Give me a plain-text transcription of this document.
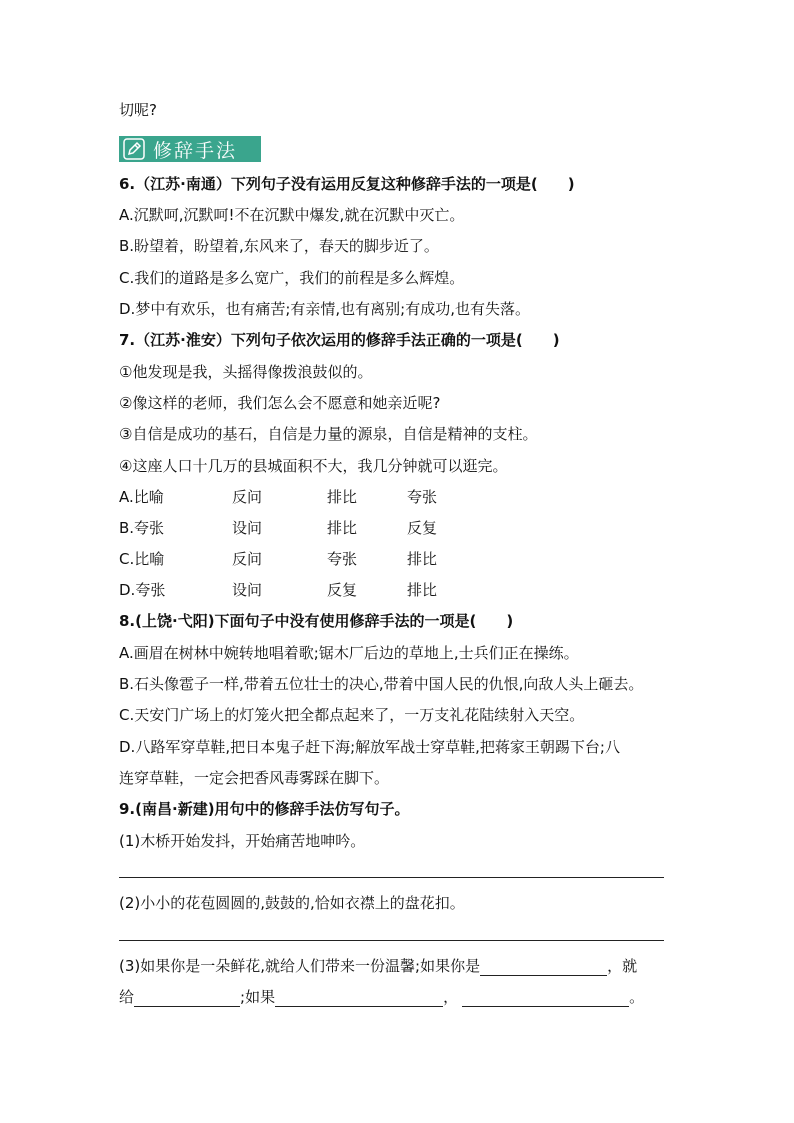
切呢?
修辞手法
6.（江苏·南通）下列句子没有运用反复这种修辞手法的一项是(　　)
A.沉默呵,沉默呵!不在沉默中爆发,就在沉默中灭亡。
B.盼望着，盼望着,东风来了，春天的脚步近了。
C.我们的道路是多么宽广，我们的前程是多么辉煌。
D.梦中有欢乐，也有痛苦;有亲情,也有离别;有成功,也有失落。
7.（江苏·淮安）下列句子依次运用的修辞手法正确的一项是(　　)
①他发现是我，头摇得像拨浪鼓似的。
②像这样的老师，我们怎么会不愿意和她亲近呢?
③自信是成功的基石，自信是力量的源泉，自信是精神的支柱。
④这座人口十几万的县城面积不大，我几分钟就可以逛完。
A.比喻	反问	排比	夸张
B.夸张	设问	排比	反复
C.比喻	反问	夸张	排比
D.夸张	设问	反复	排比
8.(上饶·弋阳)下面句子中没有使用修辞手法的一项是(　　)
A.画眉在树林中婉转地唱着歌;锯木厂后边的草地上,士兵们正在操练。
B.石头像雹子一样,带着五位壮士的决心,带着中国人民的仇恨,向敌人头上砸去。
C.天安门广场上的灯笼火把全都点起来了，一万支礼花陆续射入天空。
D.八路军穿草鞋,把日本鬼子赶下海;解放军战士穿草鞋,把蒋家王朝踢下台;八
连穿草鞋，一定会把香风毒雾踩在脚下。
9.(南昌·新建)用句中的修辞手法仿写句子。
(1)木桥开始发抖，开始痛苦地呻吟。
(2)小小的花苞圆圆的,鼓鼓的,恰如衣襟上的盘花扣。
(3)如果你是一朵鲜花,就给人们带来一份温馨;如果你是	，就
给	;如果	，	。
